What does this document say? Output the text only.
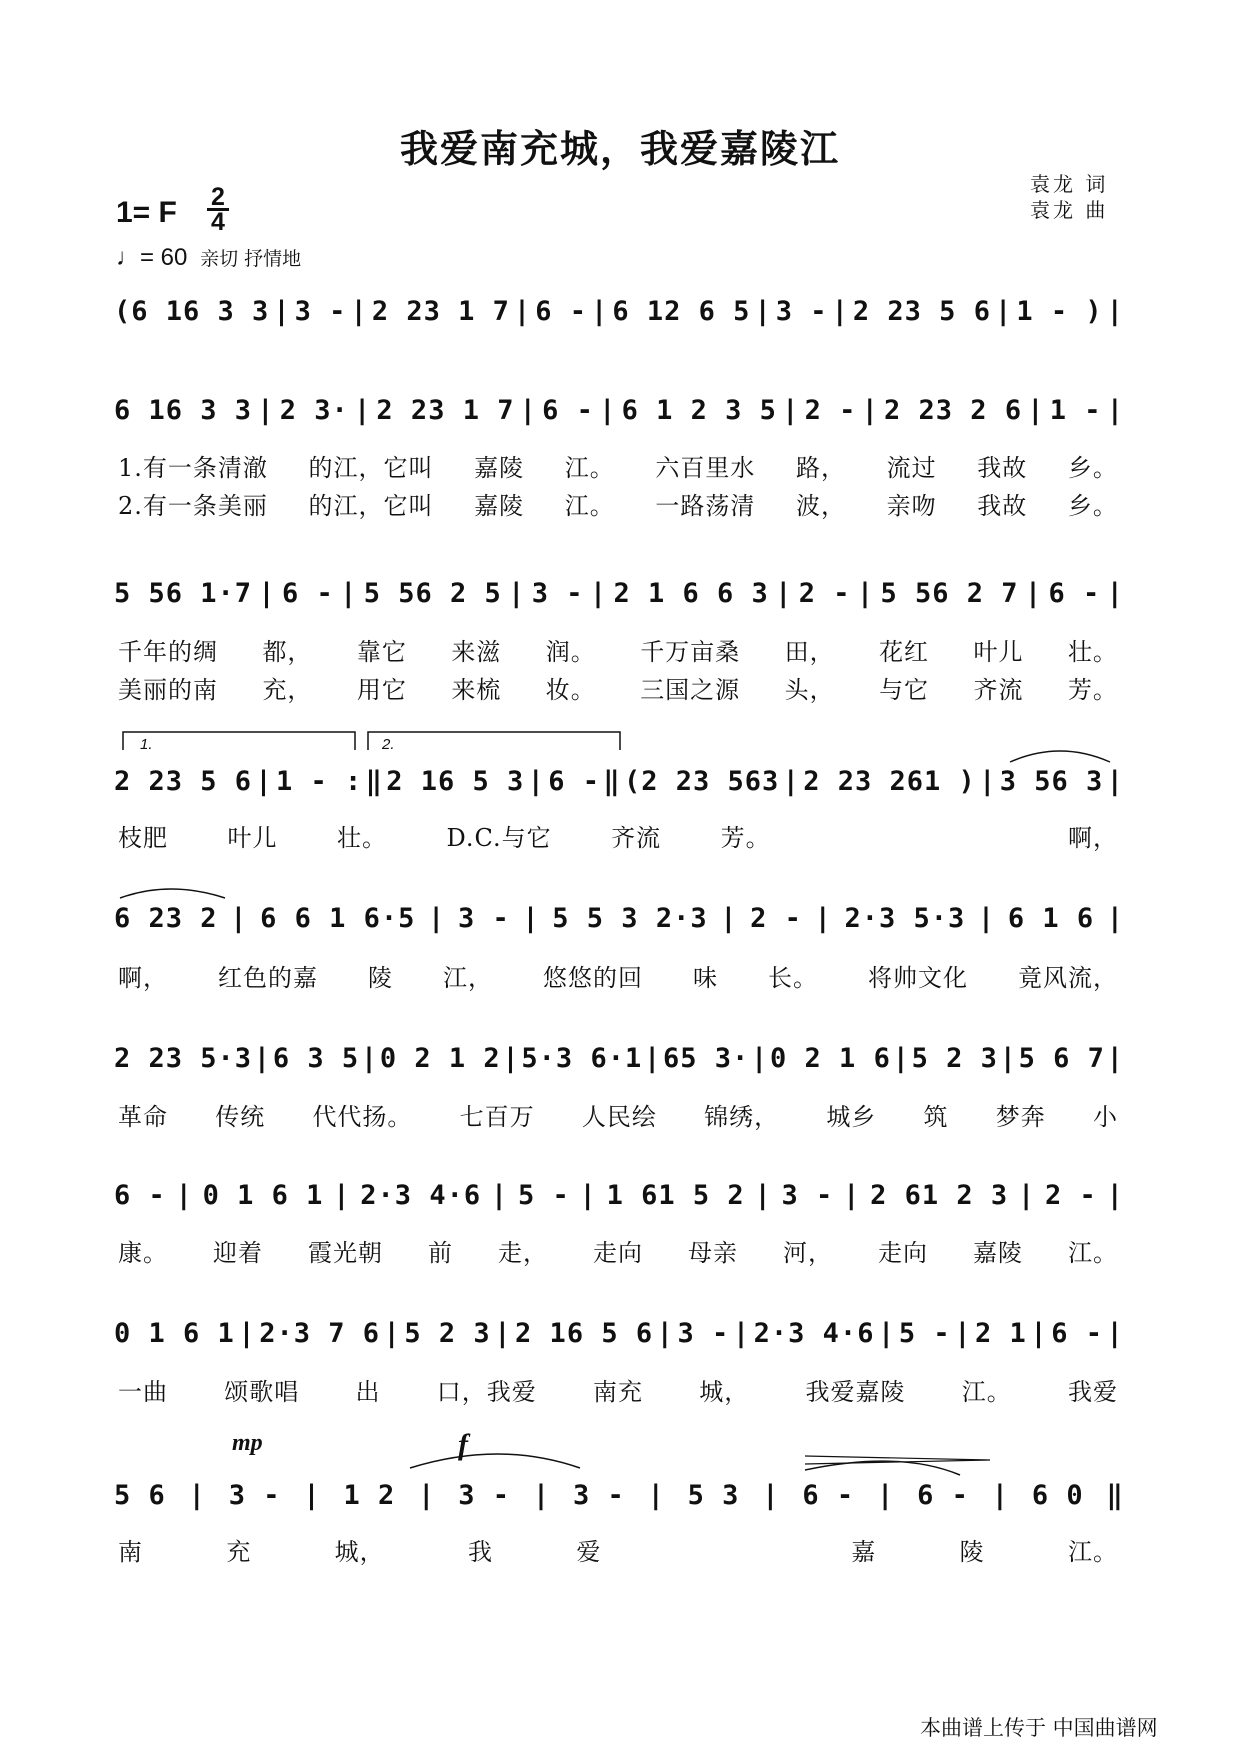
我爱南充城，我爱嘉陵江
1= F 2
4
♩= 60 亲切 抒情地
袁龙 词
袁龙 曲
(6 16 3 3 | 3 - | 2 23 1 7 | 6 - | 6 12 6 5 | 3 - | 2 23 5 6 | 1 - ) |
6 16 3 3 | 2 3· | 2 23 1 7 | 6 - | 6 1 2 3 5 | 2 - | 2 23 2 6 | 1 - |
1.有一条清澈 的江，它叫 嘉陵 江。 六百里水 路， 流过 我故 乡。
2.有一条美丽 的江，它叫 嘉陵 江。 一路荡清 波， 亲吻 我故 乡。
5 56 1·7 | 6 - | 5 56 2 5 | 3 - | 2 1 6 6 3 | 2 - | 5 56 2 7 | 6 - |
千年的绸 都， 靠它 来滋 润。 千万亩桑 田， 花红 叶儿 壮。
美丽的南 充， 用它 来梳 妆。 三国之源 头， 与它 齐流 芳。
1.	2.
2 23 5 6 | 1 - : ‖ 2 16 5 3 | 6 - ‖ (2 23 563 | 2 23 261 ) | 3 56 3 |
枝肥 叶儿 壮。 D.C.与它 齐流 芳。	啊，
6 23 2 | 6 6 1 6·5 | 3 - | 5 5 3 2·3 | 2 - | 2·3 5·3 | 6 1 6 |
啊， 红色的嘉 陵 江， 悠悠的回 味 长。 将帅文化 竟风流，
2 23 5·3 | 6 3 5 | 0 2 1 2 | 5·3 6·1 | 65 3· | 0 2 1 6 | 5 2 3 | 5 6 7 |
革命 传统 代代扬。 七百万 人民绘 锦绣， 城乡 筑 梦奔 小
6 - | 0 1 6 1 | 2·3 4·6 | 5 - | 1 61 5 2 | 3 - | 2 61 2 3 | 2 - |
康。 迎着 霞光朝 前 走， 走向 母亲 河， 走向 嘉陵 江。
0 1 6 1 | 2·3 7 6 | 5 2 3 | 2 16 5 6 | 3 - | 2·3 4·6 | 5 - | 2 1 | 6 - |
一曲 颂歌唱 出 口，我爱 南充 城， 我爱嘉陵 江。 我爱
mp	f
5 6 | 3 - | 1 2 | 3 - | 3 - | 5 3 | 6 - | 6 - | 6 0 ‖
南	充	城，	我	爱	嘉	陵	江。
本曲谱上传于 中国曲谱网
